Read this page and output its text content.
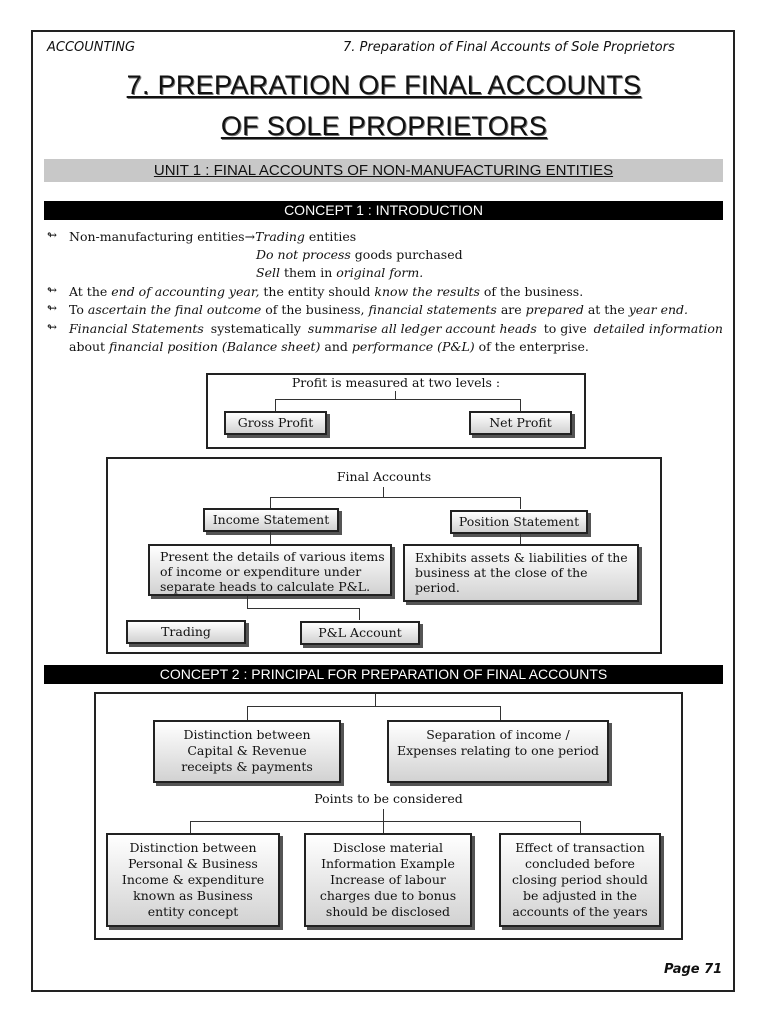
ACCOUNTING	7. Preparation of Final Accounts of Sole Proprietors
7. PREPARATION OF FINAL ACCOUNTS
OF SOLE PROPRIETORS
UNIT 1 : FINAL ACCOUNTS OF NON-MANUFACTURING ENTITIES
CONCEPT 1 : INTRODUCTION
↬ Non-manufacturing entities→Trading entities
Do not process goods purchased
Sell them in original form.
↬ At the end of accounting year, the entity should know the results of the business.
↬ To ascertain the final outcome of the business, financial statements are prepared at the year end.
↬ Financial Statements systematically summarise all ledger account heads to give detailed information
about financial position (Balance sheet) and performance (P&L) of the enterprise.
Profit is measured at two levels :
Gross Profit	Net Profit
Final Accounts
Income Statement	Position Statement
Present the details of various items
of income or expenditure under
separate heads to calculate P&L.
Exhibits assets & liabilities of the
business at the close of the
period.
Trading	P&L Account
CONCEPT 2 : PRINCIPAL FOR PREPARATION OF FINAL ACCOUNTS
Distinction between
Capital & Revenue
receipts & payments
Separation of income /
Expenses relating to one period
Points to be considered
Distinction between
Personal & Business
Income & expenditure
known as Business
entity concept
Disclose material
Information Example
Increase of labour
charges due to bonus
should be disclosed
Effect of transaction
concluded before
closing period should
be adjusted in the
accounts of the years
Page 71
